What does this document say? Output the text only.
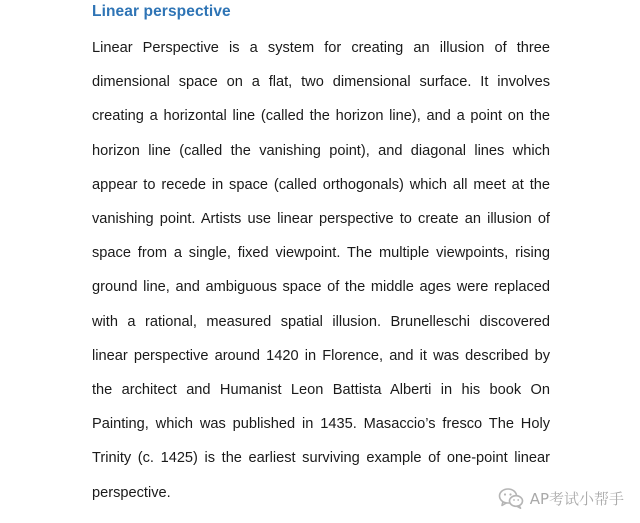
Linear perspective

Linear Perspective is a system for creating an illusion of three dimensional space on a flat, two dimensional surface. It involves creating a horizontal line (called the horizon line), and a point on the horizon line (called the vanishing point), and diagonal lines which appear to recede in space (called orthogonals) which all meet at the vanishing point. Artists use linear perspective to create an illusion of space from a single, fixed viewpoint. The multiple viewpoints, rising ground line, and ambiguous space of the middle ages were replaced with a rational, measured spatial illusion. Brunelleschi discovered linear perspective around 1420 in Florence, and it was described by the architect and Humanist Leon Battista Alberti in his book On Painting, which was published in 1435. Masaccio’s fresco The Holy Trinity (c. 1425) is the earliest surviving example of one-point linear perspective.	AP考试小帮手
